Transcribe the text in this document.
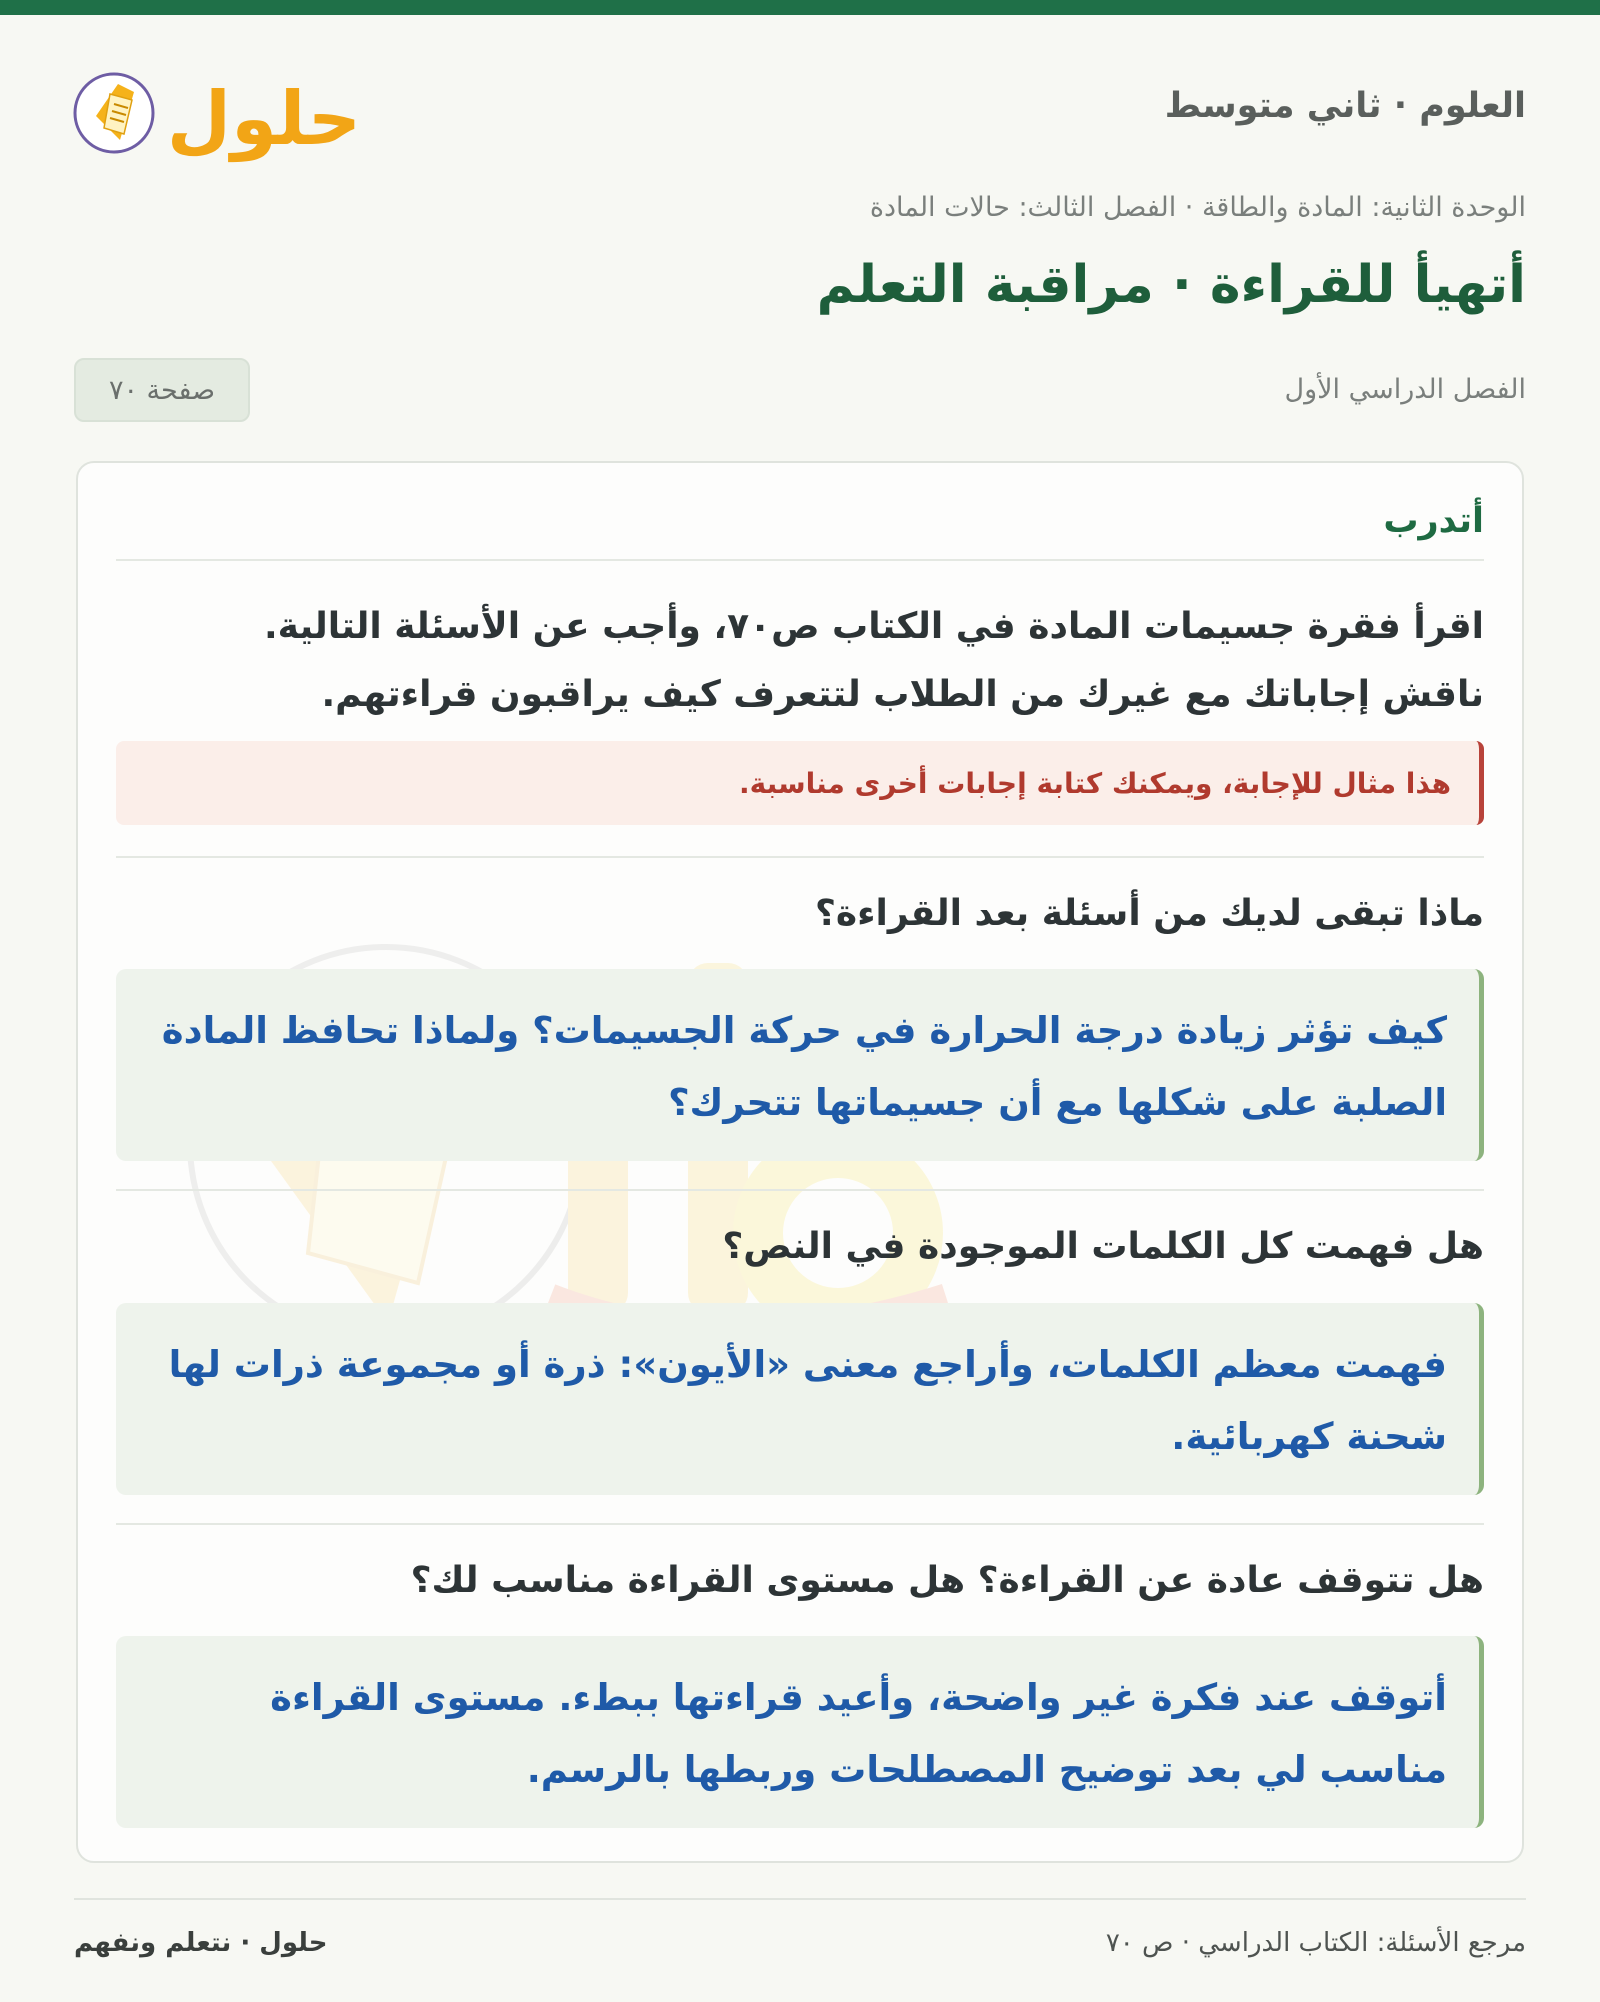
العلوم · ثاني متوسط
حلول
الوحدة الثانية: المادة والطاقة · الفصل الثالث: حالات المادة
أتهيأ للقراءة · مراقبة التعلم
الفصل الدراسي الأول
صفحة ٧٠
أتدرب
اقرأ فقرة جسيمات المادة في الكتاب ص٧٠، وأجب عن الأسئلة التالية.
ناقش إجاباتك مع غيرك من الطلاب لتتعرف كيف يراقبون قراءتهم.
هذا مثال للإجابة، ويمكنك كتابة إجابات أخرى مناسبة.
ماذا تبقى لديك من أسئلة بعد القراءة؟
كيف تؤثر زيادة درجة الحرارة في حركة الجسيمات؟ ولماذا تحافظ المادة الصلبة على شكلها مع أن جسيماتها تتحرك؟
هل فهمت كل الكلمات الموجودة في النص؟
فهمت معظم الكلمات، وأراجع معنى «الأيون»: ذرة أو مجموعة ذرات لها شحنة كهربائية.
هل تتوقف عادة عن القراءة؟ هل مستوى القراءة مناسب لك؟
أتوقف عند فكرة غير واضحة، وأعيد قراءتها ببطء. مستوى القراءة مناسب لي بعد توضيح المصطلحات وربطها بالرسم.
مرجع الأسئلة: الكتاب الدراسي · ص ٧٠
حلول · نتعلم ونفهم
